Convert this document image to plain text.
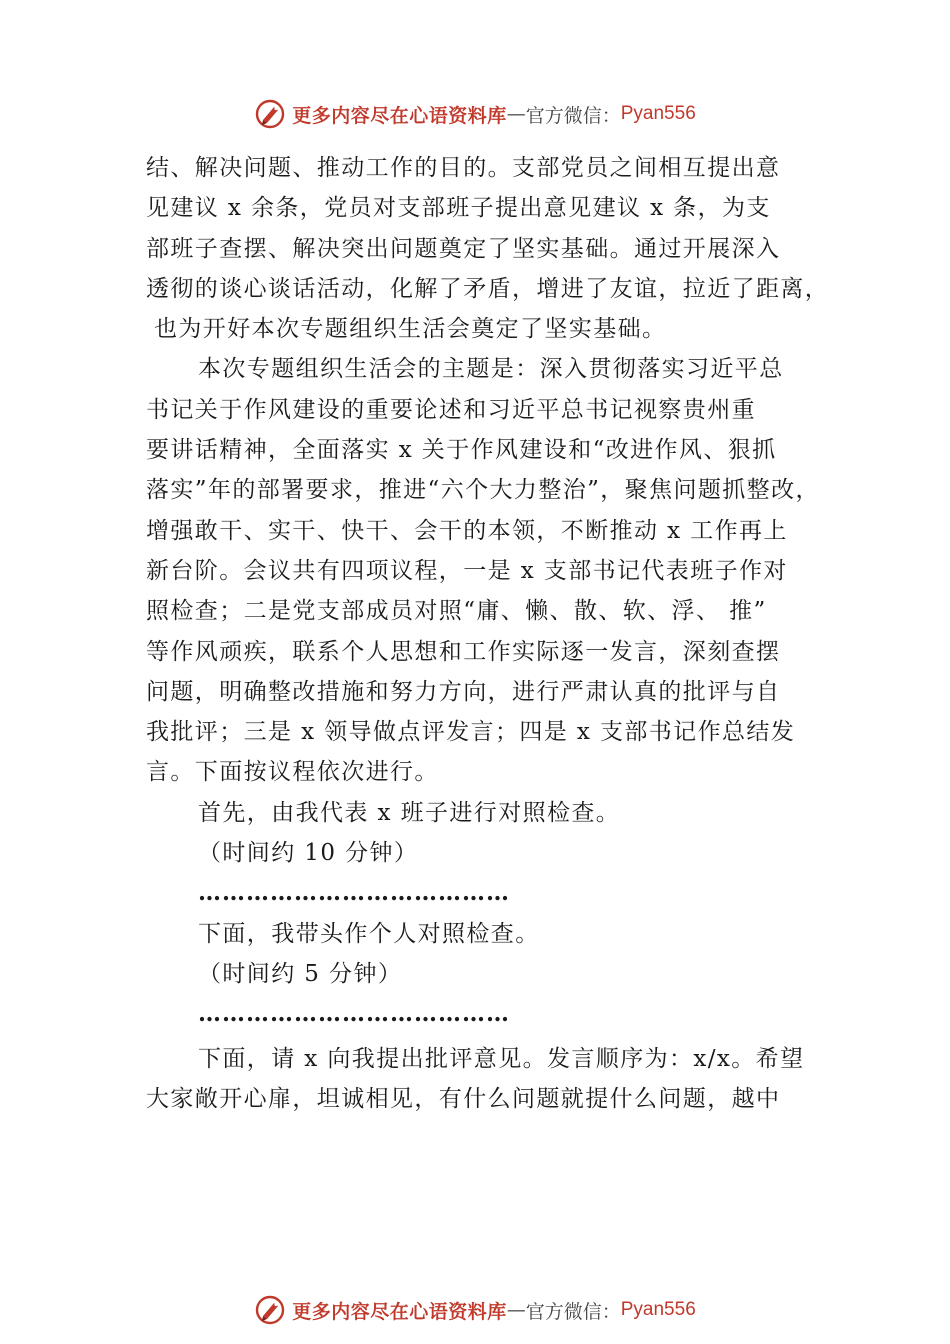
更多内容尽在心语资料库 — 官方微信： Pyan556
结、解决问题、推动工作的目的。支部党员之间相互提出意
见建议 x 余条，党员对支部班子提出意见建议 x 条，为支
部班子查摆、解决突出问题奠定了坚实基础。通过开展深入
透彻的谈心谈话活动，化解了矛盾，增进了友谊，拉近了距离，
也为开好本次专题组织生活会奠定了坚实基础。
本次专题组织生活会的主题是：深入贯彻落实习近平总
书记关于作风建设的重要论述和习近平总书记视察贵州重
要讲话精神，全面落实 x 关于作风建设和“改进作风、狠抓
落实”年的部署要求，推进“六个大力整治”，聚焦问题抓整改，
增强敢干、实干、快干、会干的本领，不断推动 x 工作再上
新台阶。会议共有四项议程，一是 x 支部书记代表班子作对
照检查；二是党支部成员对照“庸、懒、散、软、浮、 推”
等作风顽疾，联系个人思想和工作实际逐一发言，深刻查摆
问题，明确整改措施和努力方向，进行严肃认真的批评与自
我批评；三是 x 领导做点评发言；四是 x 支部书记作总结发
言。下面按议程依次进行。
首先，由我代表 x 班子进行对照检查。
（时间约 10 分钟）
…………………………………
下面，我带头作个人对照检查。
（时间约 5 分钟）
…………………………………
下面，请 x 向我提出批评意见。发言顺序为：x/x。希望
大家敞开心扉，坦诚相见，有什么问题就提什么问题，越中
更多内容尽在心语资料库 — 官方微信： Pyan556
